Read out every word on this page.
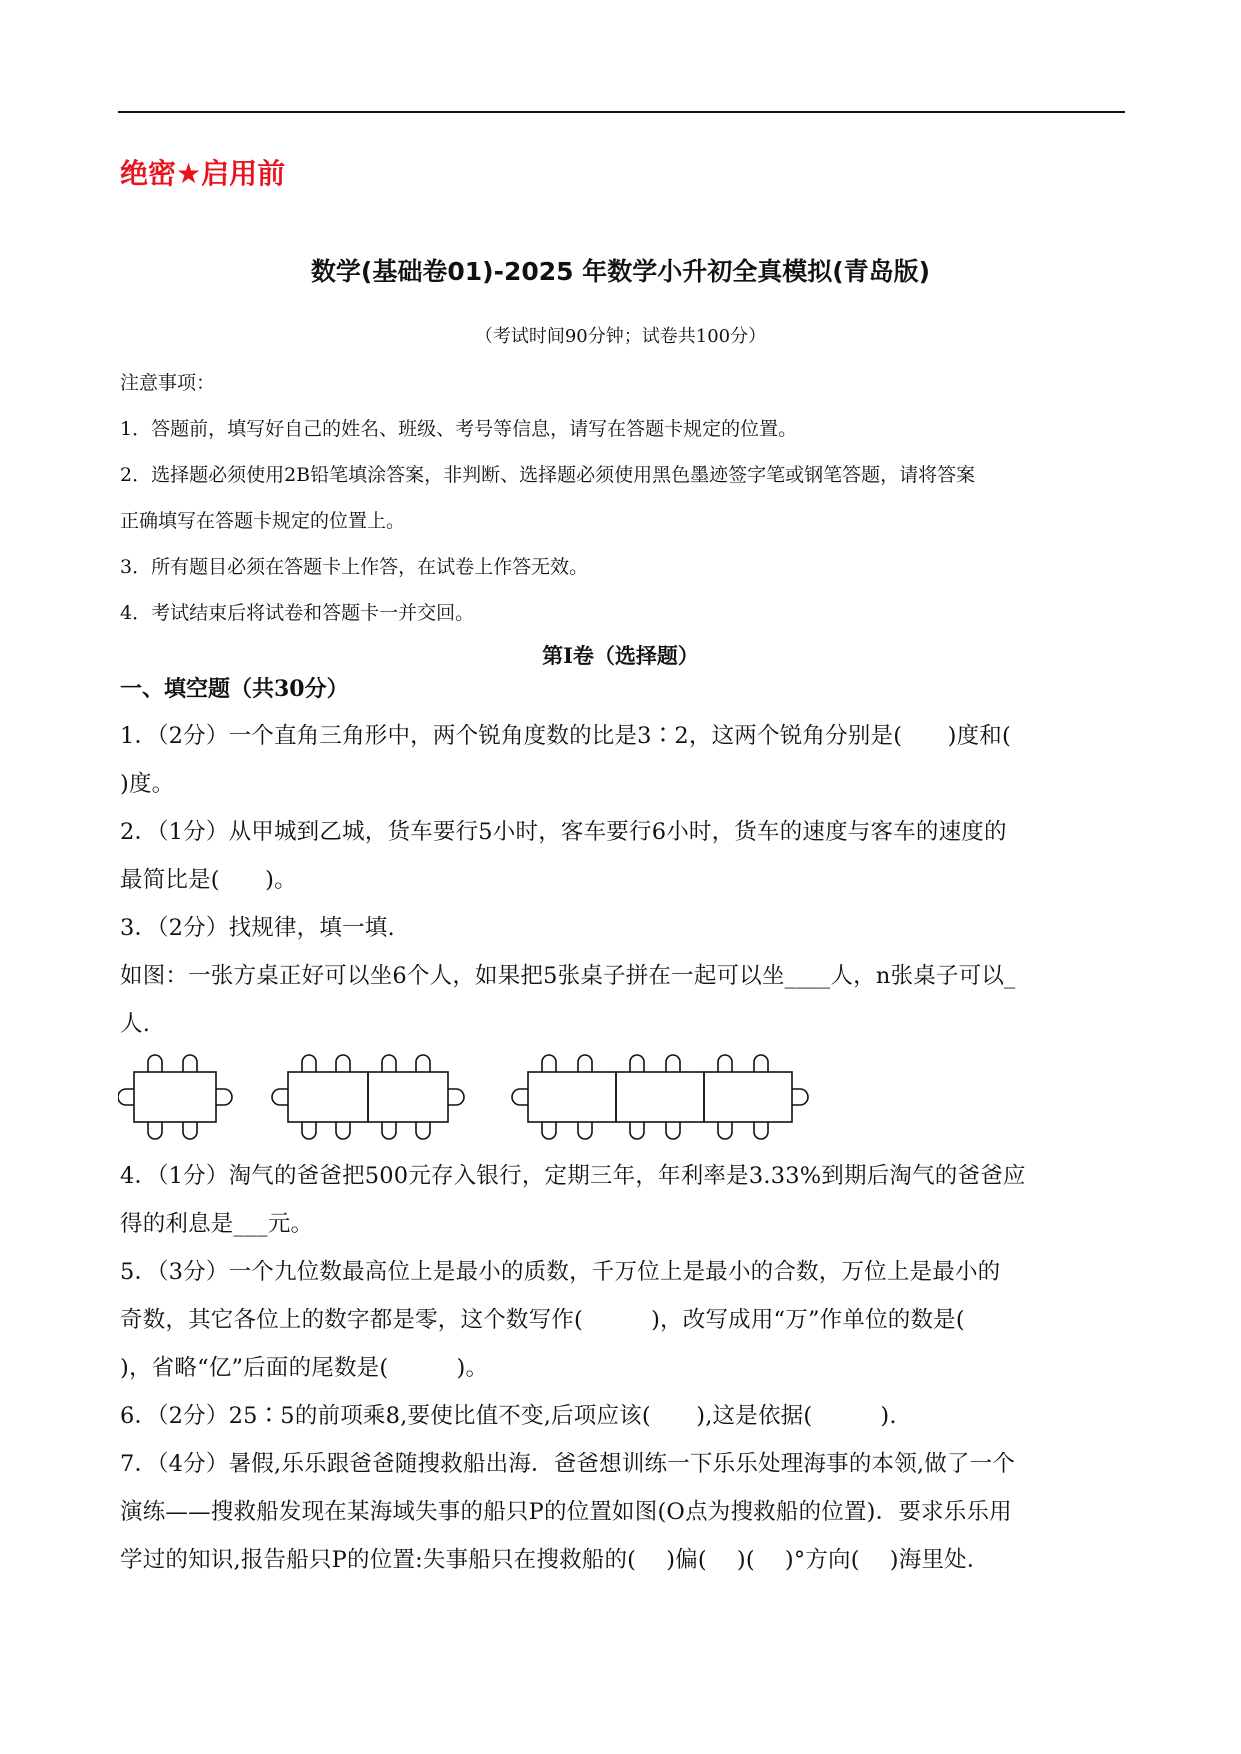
绝密★启用前
数学(基础卷01)-2025 年数学小升初全真模拟(青岛版)
（考试时间90分钟；试卷共100分）
注意事项：
1．答题前，填写好自己的姓名、班级、考号等信息，请写在答题卡规定的位置。
2．选择题必须使用2B铅笔填涂答案，非判断、选择题必须使用黑色墨迹签字笔或钢笔答题，请将答案
正确填写在答题卡规定的位置上。
3．所有题目必须在答题卡上作答，在试卷上作答无效。
4．考试结束后将试卷和答题卡一并交回。
第Ⅰ卷（选择题）
一、填空题（共30分）
1．（2分）一个直角三角形中，两个锐角度数的比是3∶2，这两个锐角分别是(　　)度和(
)度。
2．（1分）从甲城到乙城，货车要行5小时，客车要行6小时，货车的速度与客车的速度的
最简比是(　　)。
3．（2分）找规律，填一填.
如图：一张方桌正好可以坐6个人，如果把5张桌子拼在一起可以坐____人，n张桌子可以_
人.
4．（1分）淘气的爸爸把500元存入银行，定期三年，年利率是3.33%到期后淘气的爸爸应
得的利息是___元。
5．（3分）一个九位数最高位上是最小的质数，千万位上是最小的合数，万位上是最小的
奇数，其它各位上的数字都是零，这个数写作(　　　)，改写成用“万”作单位的数是(
)，省略“亿”后面的尾数是(　　　)。
6．（2分）25∶5的前项乘8,要使比值不变,后项应该(　　),这是依据(　　　).
7．（4分）暑假,乐乐跟爸爸随搜救船出海．爸爸想训练一下乐乐处理海事的本领,做了一个
演练——搜救船发现在某海域失事的船只P的位置如图(O点为搜救船的位置)．要求乐乐用
学过的知识,报告船只P的位置:失事船只在搜救船的(　 )偏(　 )(　 )°方向(　 )海里处．
